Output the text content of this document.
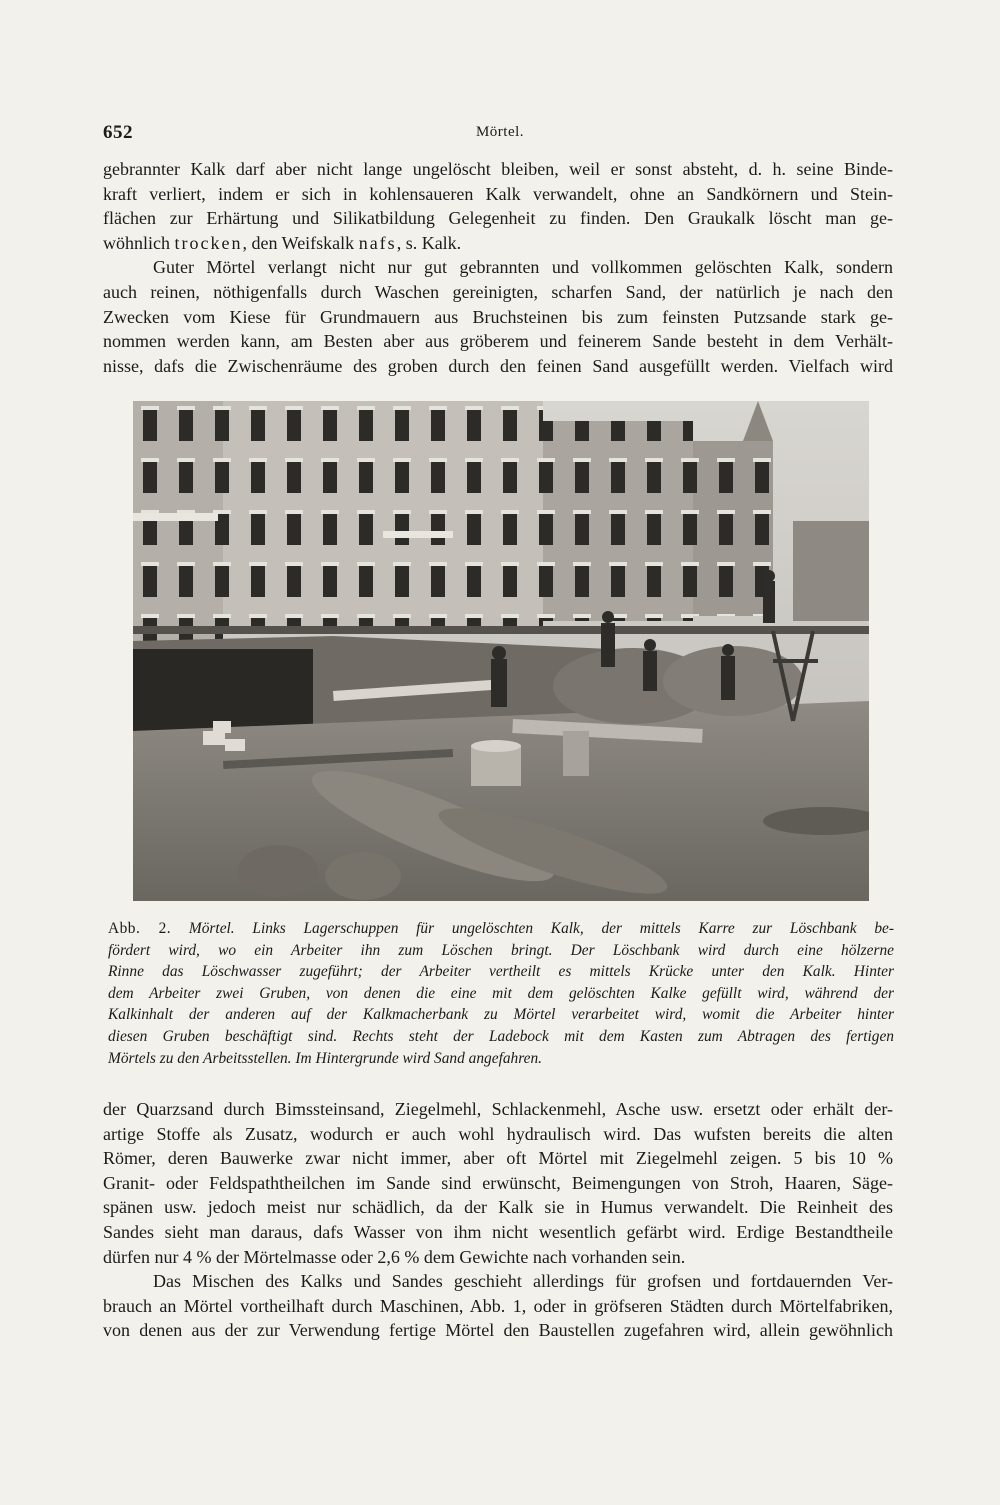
652	Mörtel.

gebrannter Kalk darf aber nicht lange ungelöscht bleiben, weil er sonst absteht, d. h. seine Binde-

kraft verliert, indem er sich in kohlensaueren Kalk verwandelt, ohne an Sandkörnern und Stein-

flächen zur Erhärtung und Silikatbildung Gelegenheit zu finden. Den Graukalk löscht man ge-

wöhnlich trocken, den Weifskalk nafs, s. Kalk.

Guter Mörtel verlangt nicht nur gut gebrannten und vollkommen gelöschten Kalk, sondern

auch reinen, nöthigenfalls durch Waschen gereinigten, scharfen Sand, der natürlich je nach den

Zwecken vom Kiese für Grundmauern aus Bruchsteinen bis zum feinsten Putzsande stark ge-

nommen werden kann, am Besten aber aus gröberem und feinerem Sande besteht in dem Verhält-

nisse, dafs die Zwischenräume des groben durch den feinen Sand ausgefüllt werden. Vielfach wird

Abb. 2. Mörtel. Links Lagerschuppen für ungelöschten Kalk, der mittels Karre zur Löschbank be-

fördert wird, wo ein Arbeiter ihn zum Löschen bringt. Der Löschbank wird durch eine hölzerne

Rinne das Löschwasser zugeführt; der Arbeiter vertheilt es mittels Krücke unter den Kalk. Hinter

dem Arbeiter zwei Gruben, von denen die eine mit dem gelöschten Kalke gefüllt wird, während der

Kalkinhalt der anderen auf der Kalkmacherbank zu Mörtel verarbeitet wird, womit die Arbeiter hinter

diesen Gruben beschäftigt sind. Rechts steht der Ladebock mit dem Kasten zum Abtragen des fertigen

Mörtels zu den Arbeitsstellen. Im Hintergrunde wird Sand angefahren.

der Quarzsand durch Bimssteinsand, Ziegelmehl, Schlackenmehl, Asche usw. ersetzt oder erhält der-

artige Stoffe als Zusatz, wodurch er auch wohl hydraulisch wird. Das wufsten bereits die alten

Römer, deren Bauwerke zwar nicht immer, aber oft Mörtel mit Ziegelmehl zeigen. 5 bis 10 %

Granit- oder Feldspaththeilchen im Sande sind erwünscht, Beimengungen von Stroh, Haaren, Säge-

spänen usw. jedoch meist nur schädlich, da der Kalk sie in Humus verwandelt. Die Reinheit des

Sandes sieht man daraus, dafs Wasser von ihm nicht wesentlich gefärbt wird. Erdige Bestandtheile

dürfen nur 4 % der Mörtelmasse oder 2,6 % dem Gewichte nach vorhanden sein.

Das Mischen des Kalks und Sandes geschieht allerdings für grofsen und fortdauernden Ver-

brauch an Mörtel vortheilhaft durch Maschinen, Abb. 1, oder in gröfseren Städten durch Mörtelfabriken,

von denen aus der zur Verwendung fertige Mörtel den Baustellen zugefahren wird, allein gewöhnlich
